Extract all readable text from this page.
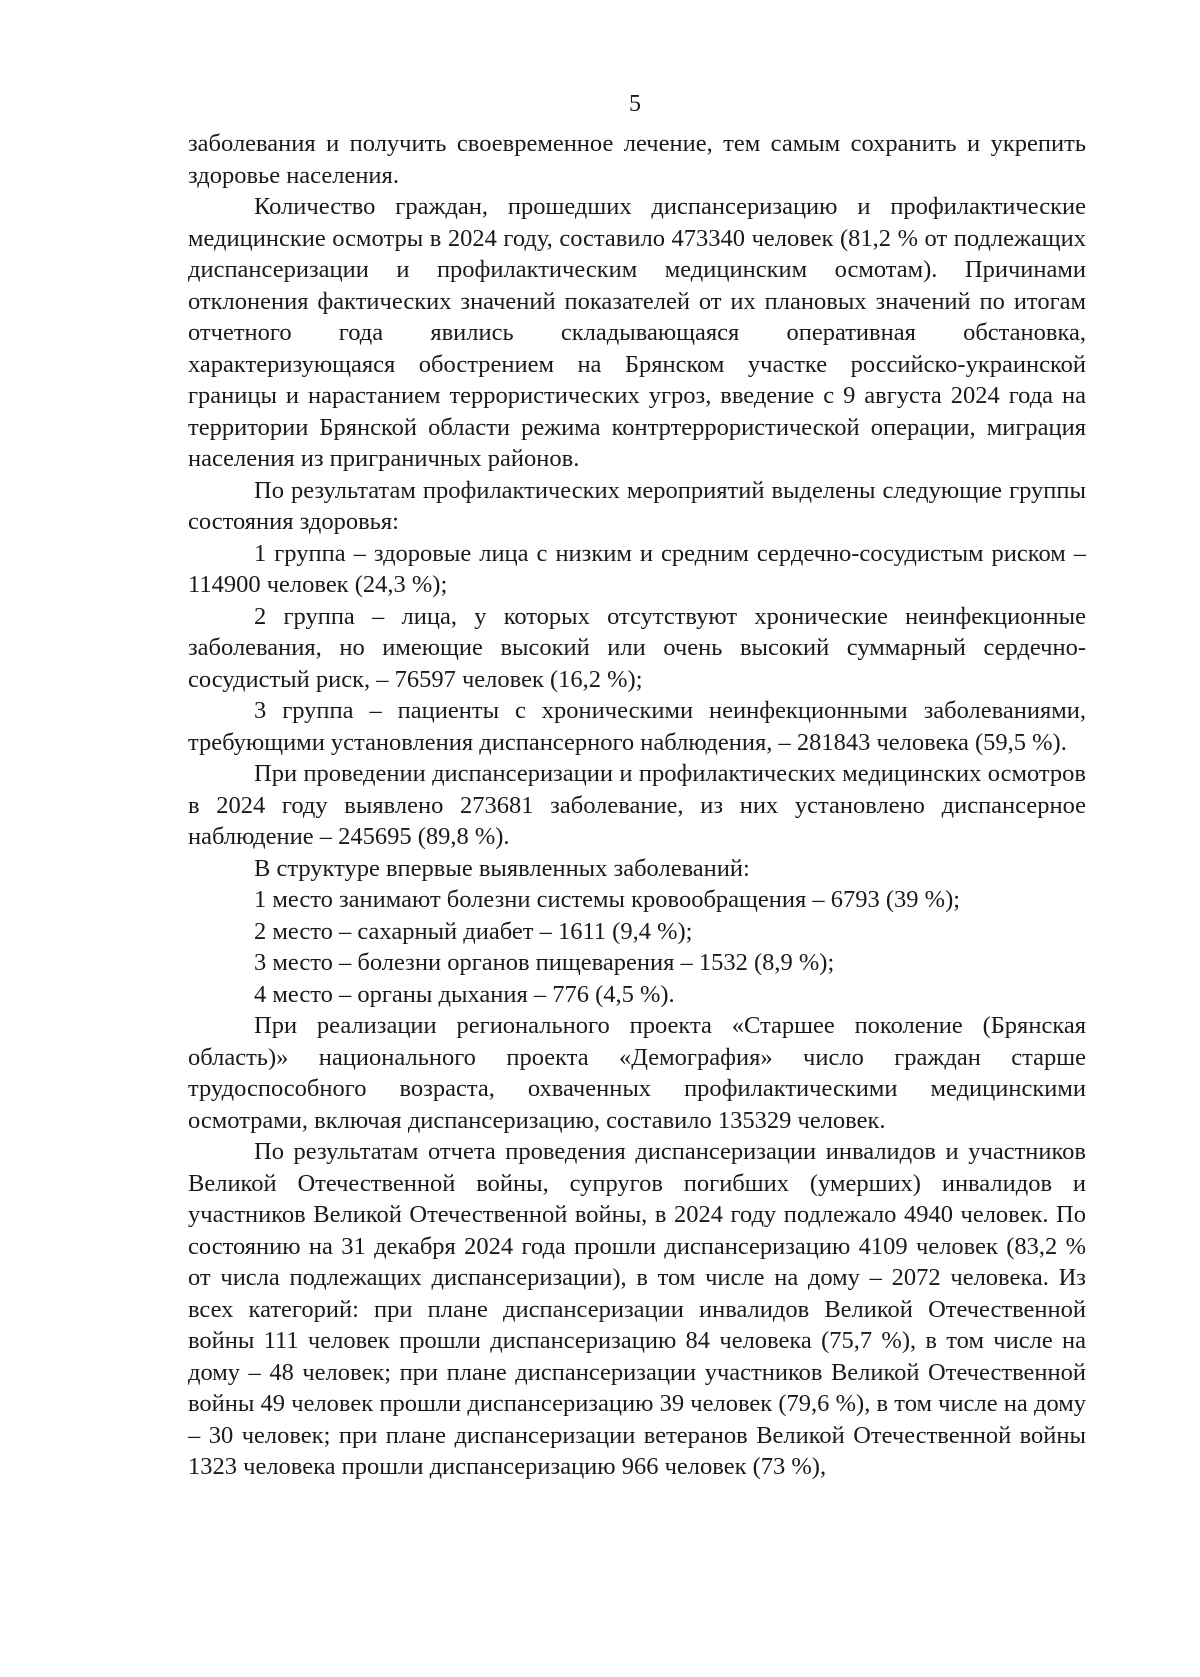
5

заболевания и получить своевременное лечение, тем самым сохранить и укрепить здоровье населения.

Количество граждан, прошедших диспансеризацию и профилактические медицинские осмотры в 2024 году, составило 473340 человек (81,2 % от подлежащих диспансеризации и профилактическим медицинским осмотам). Причинами отклонения фактических значений показателей от их плановых значений по итогам отчетного года явились складывающаяся оперативная обстановка, характеризующаяся обострением на Брянском участке российско-украинской границы и нарастанием террористических угроз, введение с 9 августа 2024 года на территории Брянской области режима контртеррористической операции, миграция населения из приграничных районов.

По результатам профилактических мероприятий выделены следующие группы состояния здоровья:

1 группа – здоровые лица с низким и средним сердечно-сосудистым риском – 114900 человек (24,3 %);

2 группа – лица, у которых отсутствуют хронические неинфекционные заболевания, но имеющие высокий или очень высокий суммарный сердечно-сосудистый риск, – 76597 человек (16,2 %);

3 группа – пациенты с хроническими неинфекционными заболеваниями, требующими установления диспансерного наблюдения, – 281843 человека (59,5 %).

При проведении диспансеризации и профилактических медицинских осмотров в 2024 году выявлено 273681 заболевание, из них установлено диспансерное наблюдение – 245695 (89,8 %).

В структуре впервые выявленных заболеваний:

1 место занимают болезни системы кровообращения – 6793 (39 %);

2 место – сахарный диабет – 1611 (9,4 %);

3 место – болезни органов пищеварения – 1532 (8,9 %);

4 место – органы дыхания – 776 (4,5 %).

При реализации регионального проекта «Старшее поколение (Брянская область)» национального проекта «Демография» число граждан старше трудоспособного возраста, охваченных профилактическими медицинскими осмотрами, включая диспансеризацию, составило 135329 человек.

По результатам отчета проведения диспансеризации инвалидов и участников Великой Отечественной войны, супругов погибших (умерших) инвалидов и участников Великой Отечественной войны, в 2024 году подлежало 4940 человек. По состоянию на 31 декабря 2024 года прошли диспансеризацию 4109 человек (83,2 % от числа подлежащих диспансеризации), в том числе на дому – 2072 человека. Из всех категорий: при плане диспансеризации инвалидов Великой Отечественной войны 111 человек прошли диспансеризацию 84 человека (75,7 %), в том числе на дому – 48 человек; при плане диспансеризации участников Великой Отечественной войны 49 человек прошли диспансеризацию 39 человек (79,6 %), в том числе на дому – 30 человек; при плане диспансеризации ветеранов Великой Отечественной войны 1323 человека прошли диспансеризацию 966 человек (73 %),
